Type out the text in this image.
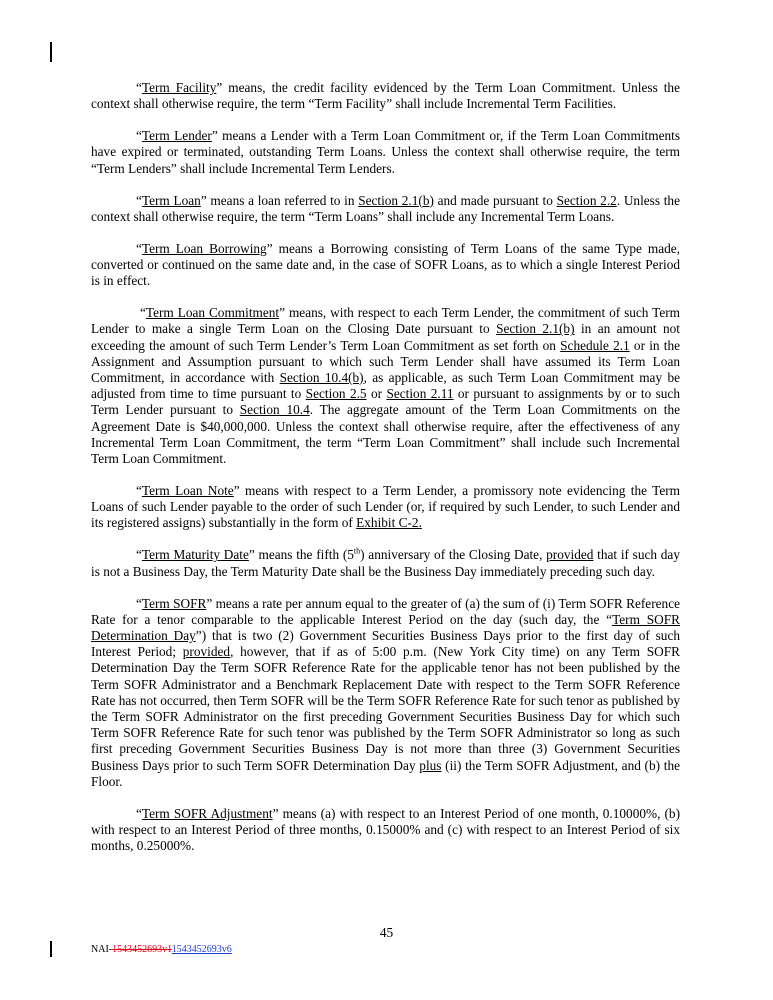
“Term Facility” means, the credit facility evidenced by the Term Loan Commitment. Unless the context shall otherwise require, the term “Term Facility” shall include Incremental Term Facilities.

“Term Lender” means a Lender with a Term Loan Commitment or, if the Term Loan Commitments have expired or terminated, outstanding Term Loans. Unless the context shall otherwise require, the term “Term Lenders” shall include Incremental Term Lenders.

“Term Loan” means a loan referred to in Section 2.1(b) and made pursuant to Section 2.2. Unless the context shall otherwise require, the term “Term Loans” shall include any Incremental Term Loans.

“Term Loan Borrowing” means a Borrowing consisting of Term Loans of the same Type made, converted or continued on the same date and, in the case of SOFR Loans, as to which a single Interest Period is in effect.

“Term Loan Commitment” means, with respect to each Term Lender, the commitment of such Term Lender to make a single Term Loan on the Closing Date pursuant to Section 2.1(b) in an amount not exceeding the amount of such Term Lender’s Term Loan Commitment as set forth on Schedule 2.1 or in the Assignment and Assumption pursuant to which such Term Lender shall have assumed its Term Loan Commitment, in accordance with Section 10.4(b), as applicable, as such Term Loan Commitment may be adjusted from time to time pursuant to Section 2.5 or Section 2.11 or pursuant to assignments by or to such Term Lender pursuant to Section 10.4. The aggregate amount of the Term Loan Commitments on the Agreement Date is $40,000,000. Unless the context shall otherwise require, after the effectiveness of any Incremental Term Loan Commitment, the term “Term Loan Commitment” shall include such Incremental Term Loan Commitment.

“Term Loan Note” means with respect to a Term Lender, a promissory note evidencing the Term Loans of such Lender payable to the order of such Lender (or, if required by such Lender, to such Lender and its registered assigns) substantially in the form of Exhibit C-2.

“Term Maturity Date” means the fifth (5th) anniversary of the Closing Date, provided that if such day is not a Business Day, the Term Maturity Date shall be the Business Day immediately preceding such day.

“Term SOFR” means a rate per annum equal to the greater of (a) the sum of (i) Term SOFR Reference Rate for a tenor comparable to the applicable Interest Period on the day (such day, the “Term SOFR Determination Day”) that is two (2) Government Securities Business Days prior to the first day of such Interest Period; provided, however, that if as of 5:00 p.m. (New York City time) on any Term SOFR Determination Day the Term SOFR Reference Rate for the applicable tenor has not been published by the Term SOFR Administrator and a Benchmark Replacement Date with respect to the Term SOFR Reference Rate has not occurred, then Term SOFR will be the Term SOFR Reference Rate for such tenor as published by the Term SOFR Administrator on the first preceding Government Securities Business Day for which such Term SOFR Reference Rate for such tenor was published by the Term SOFR Administrator so long as such first preceding Government Securities Business Day is not more than three (3) Government Securities Business Days prior to such Term SOFR Determination Day plus (ii) the Term SOFR Adjustment, and (b) the Floor.

“Term SOFR Adjustment” means (a) with respect to an Interest Period of one month, 0.10000%, (b) with respect to an Interest Period of three months, 0.15000% and (c) with respect to an Interest Period of six months, 0.25000%.

45
NAI-1543452693v11543452693v6
